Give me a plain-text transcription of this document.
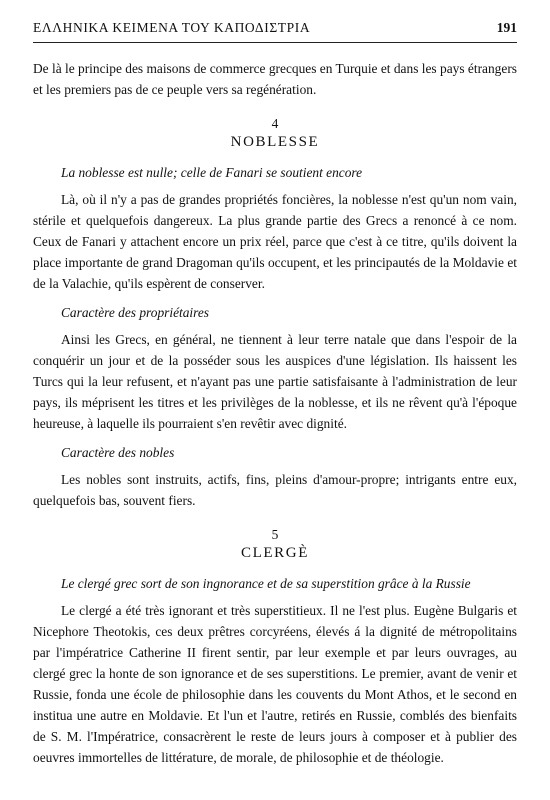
ΕΛΛΗΝΙΚΑ ΚΕΙΜΕΝΑ ΤΟΥ ΚΑΠΟΔΙΣΤΡΙΑ	191

De là le principe des maisons de commerce grecques en Turquie et dans les pays étrangers et les premiers pas de ce peuple vers sa regénération.

4
NOBLESSE
La noblesse est nulle; celle de Fanari se soutient encore

Là, où il n'y a pas de grandes propriétés foncières, la noblesse n'est qu'un nom vain, stérile et quelquefois dangereux. La plus grande partie des Grecs a renoncé à ce nom. Ceux de Fanari y attachent encore un prix réel, parce que c'est à ce titre, qu'ils doivent la place importante de grand Dragoman qu'ils occupent, et les principautés de la Moldavie et de la Valachie, qu'ils espèrent de conserver.

Caractère des propriétaires

Ainsi les Grecs, en général, ne tiennent à leur terre natale que dans l'espoir de la conquérir un jour et de la posséder sous les auspices d'une législation. Ils haissent les Turcs qui la leur refusent, et n'ayant pas une partie satisfaisante à l'administration de leur pays, ils méprisent les titres et les privilèges de la noblesse, et ils ne rêvent qu'à l'époque heureuse, à laquelle ils pourraient s'en revêtir avec dignité.

Caractère des nobles

Les nobles sont instruits, actifs, fins, pleins d'amour-propre; intrigants entre eux, quelquefois bas, souvent fiers.

5
CLERGÈ
Le clergé grec sort de son ingnorance et de sa superstition grâce à la Russie

Le clergé a été très ignorant et très superstitieux. Il ne l'est plus. Eugène Bulgaris et Nicephore Theotokis, ces deux prêtres corcyréens, élevés á la dignité de métropolitains par l'impératrice Catherine II firent sentir, par leur exemple et par leurs ouvrages, au clergé grec la honte de son ignorance et de ses superstitions. Le premier, avant de venir et Russie, fonda une école de philosophie dans les couvents du Mont Athos, et le second en institua une autre en Moldavie. Et l'un et l'autre, retirés en Russie, comblés des bienfaits de S. M. l'Impératrice, consacrèrent le reste de leurs jours à composer et à publier des oeuvres immortelles de littérature, de morale, de philosophie et de théologie.
